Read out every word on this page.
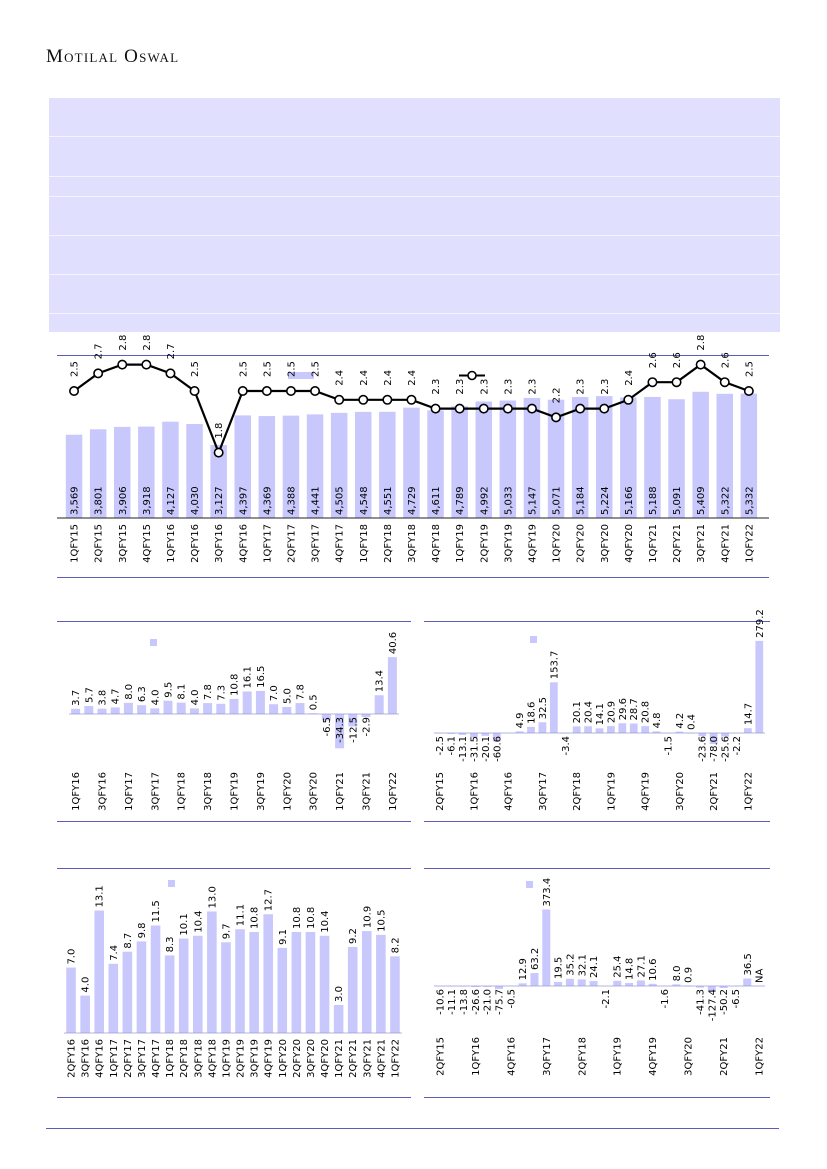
Motilal Oswal
3,569
1QFY15
3,801
2QFY15
3,906
3QFY15
3,918
4QFY15
4,127
1QFY16
4,030
2QFY16
3,127
3QFY16
4,397
4QFY16
4,369
1QFY17
4,388
2QFY17
4,441
3QFY17
4,505
4QFY17
4,548
1QFY18
4,551
2QFY18
4,729
3QFY18
4,611
4QFY18
4,789
1QFY19
4,992
2QFY19
5,033
3QFY19
5,147
4QFY19
5,071
1QFY20
5,184
2QFY20
5,224
3QFY20
5,166
4QFY20
5,188
1QFY21
5,091
2QFY21
5,409
3QFY21
5,322
4QFY21
5,332
1QFY22
2.5
2.7
2.8 2.8
2.7
2.5
1.8
2.5 2.5 2.5 2.5
2.4 2.4 2.4 2.4
2.3 2.3 2.3 2.3 2.3
2.2
2.3 2.3
2.4
2.6 2.6
2.8
2.6
2.5
3.7
1QFY16
5.7 3.8
3QFY16
4.7 8.0
1QFY17
6.3 4.0
3QFY17
9.5 8.1
1QFY18
4.0 7.8
3QFY18
7.3 10.8
1QFY19
16.1 16.5
3QFY19
7.0 5.0
1QFY20
7.8
0.5
3QFY20
-6.5 -34.3
1QFY21
-12.5 -2.9
3QFY21
13.4
40.6
1QFY22
-2.5
2QFY15
-6.1 -13.1 -31.5
1QFY16
-20.1 -60.6
4QFY16
4.9 18.6 32.5
3QFY17
153.7
-3.4
20.1
2QFY18
20.4 14.1 20.9
1QFY19
29.6 28.7 20.8
4QFY19
4.8
-1.5
4.2
3QFY20
0.4
-23.6 -78.0
2QFY21
-25.6 -2.2
14.7
1QFY22
279.2
7.0
2QFY16
4.0
3QFY16
13.1
4QFY16
7.4
1QFY17
8.7
2QFY17
9.8
3QFY17
11.5
4QFY17
8.3
1QFY18
10.1
2QFY18
10.4
3QFY18
13.0
4QFY18
9.7
1QFY19
11.1
2QFY19
10.8
3QFY19
12.7
4QFY19
9.1
1QFY20
10.8
2QFY20
10.8
3QFY20
10.4
4QFY20
3.0
1QFY21
9.2
2QFY21
10.9
3QFY21
10.5
4QFY21
8.2
1QFY22
-10.6
2QFY15
-11.1 -13.8 -26.6
1QFY16
-21.0 -75.7 -0.5
4QFY16
12.9 63.2
373.4
3QFY17
19.5 35.2 32.1
2QFY18
24.1
-2.1
25.4
1QFY19
14.8 27.1 10.6
4QFY19
-1.6
8.0 0.9
3QFY20
-41.3 -127.4 -50.2
2QFY21
-6.5
36.5
NA
1QFY22
